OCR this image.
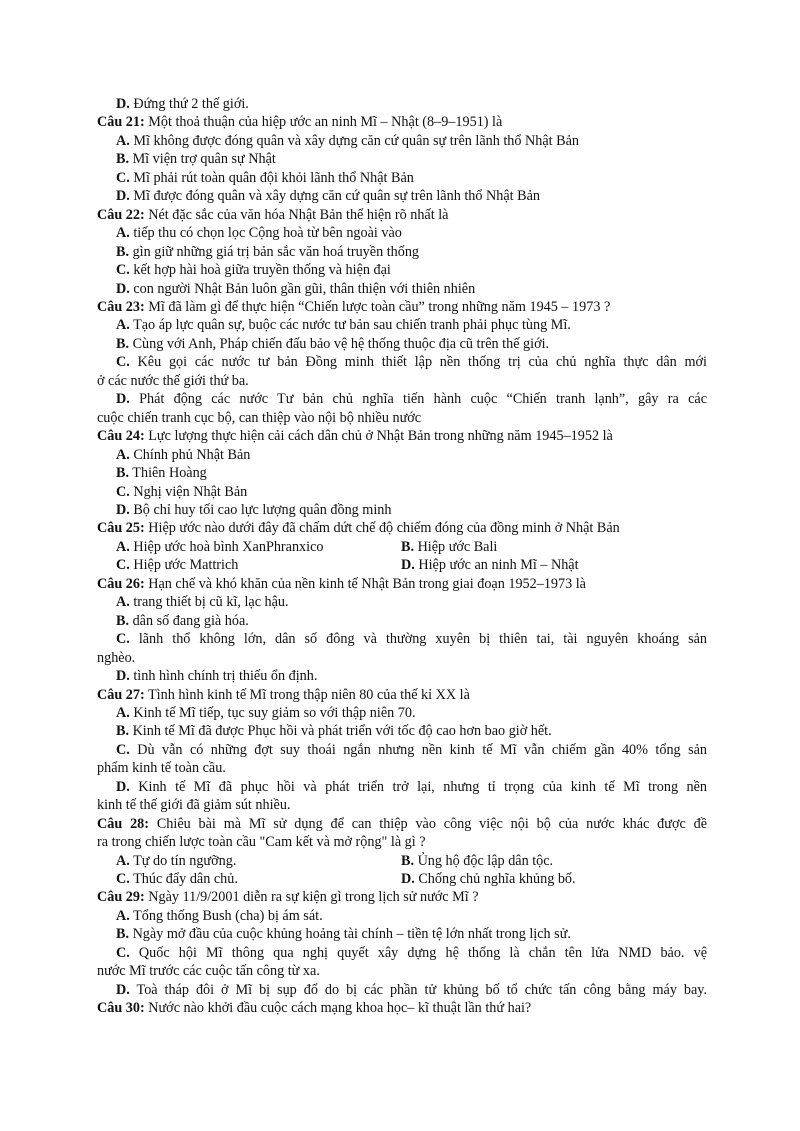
D. Đứng thứ 2 thế giới.
Câu 21: Một thoả thuận của hiệp ước an ninh Mĩ – Nhật (8–9–1951) là
A. Mĩ không được đóng quân và xây dựng căn cứ quân sự trên lãnh thổ Nhật Bản
B. Mĩ viện trợ quân sự Nhật
C. Mĩ phải rút toàn quân đội khỏi lãnh thổ Nhật Bản
D. Mĩ được đóng quân và xây dựng căn cứ quân sự trên lãnh thổ Nhật Bản
Câu 22: Nét đặc sắc của văn hóa Nhật Bản thể hiện rõ nhất là
A. tiếp thu có chọn lọc Cộng hoà từ bên ngoài vào
B. gìn giữ những giá trị bản sắc văn hoá truyền thống
C. kết hợp hài hoà giữa truyền thống và hiện đại
D. con người Nhật Bản luôn gần gũi, thân thiện với thiên nhiên
Câu 23: Mĩ đã làm gì để thực hiện “Chiến lược toàn cầu” trong những năm 1945 – 1973 ?
A. Tạo áp lực quân sự, buộc các nước tư bản sau chiến tranh phải phục tùng Mĩ.
B. Cùng với Anh, Pháp chiến đấu bảo vệ hệ thống thuộc địa cũ trên thế giới.
C. Kêu gọi các nước tư bản Đồng minh thiết lập nền thống trị của chủ nghĩa thực dân mới
ở các nước thế giới thứ ba.
D. Phát động các nước Tư bản chủ nghĩa tiến hành cuộc “Chiến tranh lạnh”, gây ra các
cuộc chiến tranh cục bộ, can thiệp vào nội bộ nhiều nước
Câu 24: Lực lượng thực hiện cải cách dân chủ ở Nhật Bản trong những năm 1945–1952 là
A. Chính phủ Nhật Bản
B. Thiên Hoàng
C. Nghị viện Nhật Bản
D. Bộ chỉ huy tối cao lực lượng quân đồng minh
Câu 25: Hiệp ước nào dưới đây đã chấm dứt chế độ chiếm đóng của đồng minh ở Nhật Bản
A. Hiệp ước hoà bình XanPhranxico	B. Hiệp ước Bali
C. Hiệp ước Mattrich	D. Hiệp ước an ninh Mĩ – Nhật
Câu 26: Hạn chế và khó khăn của nền kinh tế Nhật Bản trong giai đoạn 1952–1973 là
A. trang thiết bị cũ kĩ, lạc hậu.
B. dân số đang già hóa.
C. lãnh thổ không lớn, dân số đông và thường xuyên bị thiên tai, tài nguyên khoáng sản
nghèo.
D. tình hình chính trị thiếu ổn định.
Câu 27: Tình hình kinh tế Mĩ trong thập niên 80 của thế kỉ XX là
A. Kinh tế Mĩ tiếp, tục suy giảm so với thập niên 70.
B. Kinh tế Mĩ đã được Phục hồi và phát triển với tốc độ cao hơn bao giờ hết.
C. Dù vẫn có những đợt suy thoái ngắn nhưng nền kinh tế Mĩ vẫn chiếm gần 40% tổng sản
phẩm kinh tế toàn cầu.
D. Kinh tế Mĩ đã phục hồi và phát triển trở lại, nhưng tỉ trọng của kinh tế Mĩ trong nền
kinh tế thế giới đã giảm sút nhiều.
Câu 28: Chiêu bài mà Mĩ sử dụng để can thiệp vào công việc nội bộ của nước khác được đề
ra trong chiến lược toàn cầu "Cam kết và mở rộng" là gì ?
A. Tự do tín ngưỡng.	B. Ủng hộ độc lập dân tộc.
C. Thúc đẩy dân chủ.	D. Chống chủ nghĩa khủng bố.
Câu 29: Ngày 11/9/2001 diễn ra sự kiện gì trong lịch sử nước Mĩ ?
A. Tổng thống Bush (cha) bị ám sát.
B. Ngày mở đầu của cuộc khủng hoảng tài chính – tiền tệ lớn nhất trong lịch sử.
C. Quốc hội Mĩ thông qua nghị quyết xây dựng hệ thống là chắn tên lửa NMD bảo. vệ
nước Mĩ trước các cuộc tấn công từ xa.
D. Toà tháp đôi ở Mĩ bị sụp đổ do bị các phần tử khủng bố tổ chức tấn công bằng máy bay.
Câu 30: Nước nào khởi đầu cuộc cách mạng khoa học– kĩ thuật lần thứ hai?
